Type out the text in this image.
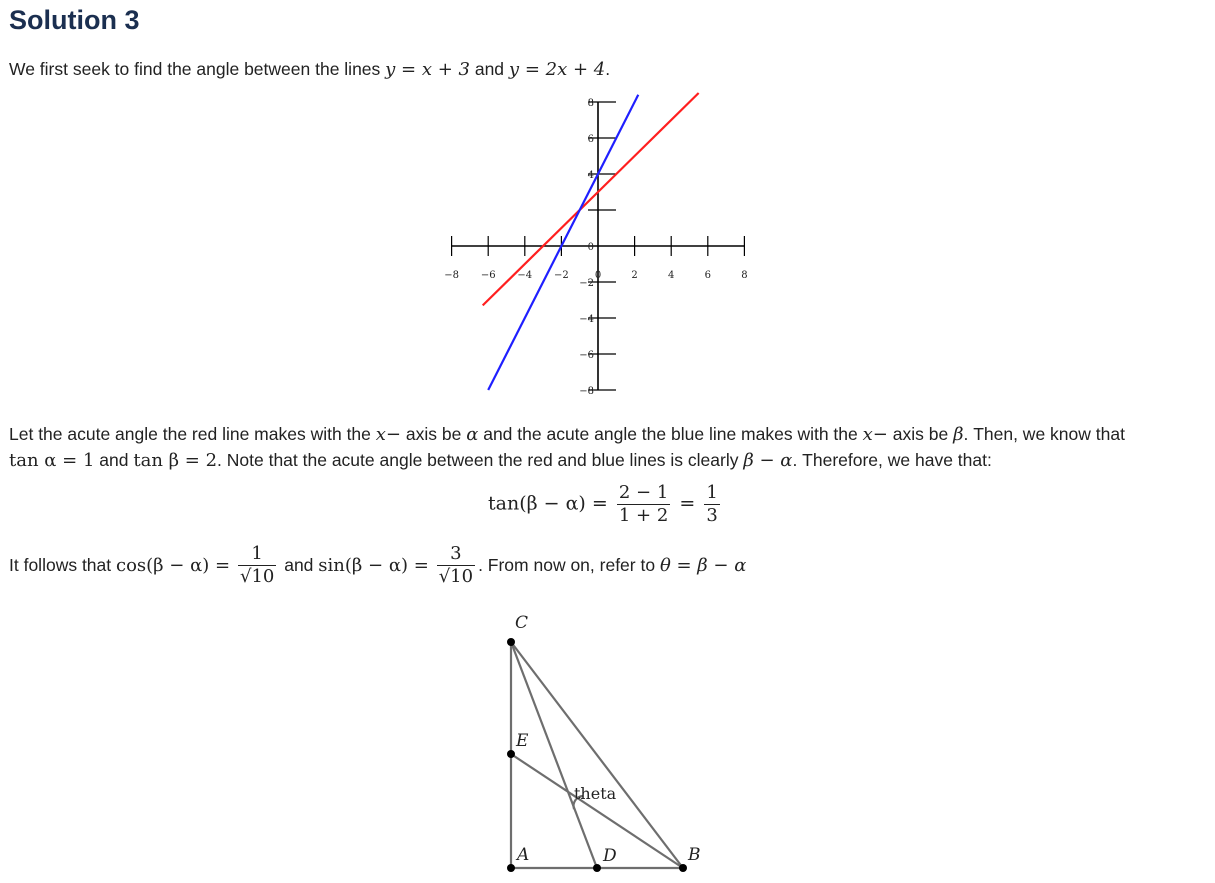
Solution 3

We first seek to find the angle between the lines y = x + 3 and y = 2x + 4.

−8 −6 −4 −2	0	2	4	6	8
8
6
4
0
−2
−4
−6
−8

Let the acute angle the red line makes with the x− axis be α and the acute angle the blue line makes with the x− axis be β. Then, we know that

tan α = 1 and tan β = 2. Note that the acute angle between the red and blue lines is clearly β − α. Therefore, we have that:

$\tan(\beta - \alpha) = \frac{2 - 1}{1 + 2} = \frac{1}{3}$
It follows that $\cos(\beta - \alpha) = \frac{1}{√10}$ and $\sin(\beta - \alpha) = \frac{3}{√10}$ . From now on, refer to θ = β − α
C
E
A	D	B
theta
